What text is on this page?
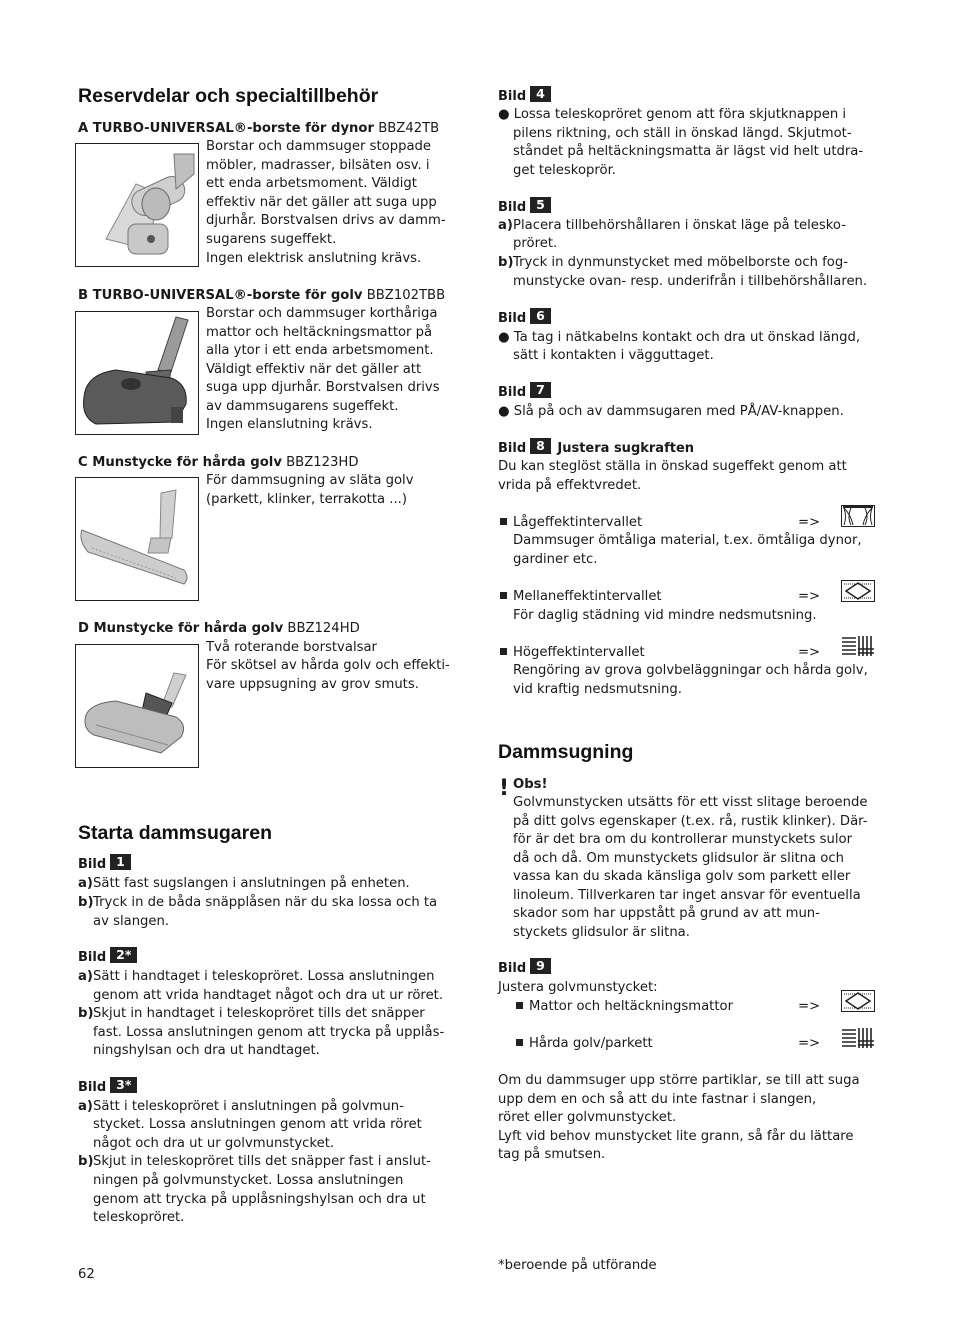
Reservdelar och specialtillbehör
A TURBO-UNIVERSAL®-borste för dynor BBZ42TB
Borstar och dammsuger stoppade
möbler, madrasser, bilsäten osv. i
ett enda arbetsmoment. Väldigt
effektiv när det gäller att suga upp
djurhår. Borstvalsen drivs av damm-
sugarens sugeffekt.
Ingen elektrisk anslutning krävs.
B TURBO-UNIVERSAL®-borste för golv BBZ102TBB
Borstar och dammsuger korthåriga
mattor och heltäckningsmattor på
alla ytor i ett enda arbetsmoment.
Väldigt effektiv när det gäller att
suga upp djurhår. Borstvalsen drivs
av dammsugarens sugeffekt.
Ingen elanslutning krävs.
C Munstycke för hårda golv BBZ123HD
För dammsugning av släta golv
(parkett, klinker, terrakotta ...)
D Munstycke för hårda golv BBZ124HD
Två roterande borstvalsar
För skötsel av hårda golv och effekti-
vare uppsugning av grov smuts.
Starta dammsugaren
Bild 1
a)Sätt fast sugslangen i anslutningen på enheten.
b)Tryck in de båda snäpplåsen när du ska lossa och ta
av slangen.
Bild 2*
a)Sätt i handtaget i teleskopröret. Lossa anslutningen
genom att vrida handtaget något och dra ut ur röret.
b)Skjut in handtaget i teleskopröret tills det snäpper
fast. Lossa anslutningen genom att trycka på upplås-
ningshylsan och dra ut handtaget.
Bild 3*
a)Sätt i teleskopröret i anslutningen på golvmun-
stycket. Lossa anslutningen genom att vrida röret
något och dra ut ur golvmunstycket.
b)Skjut in teleskopröret tills det snäpper fast i anslut-
ningen på golvmunstycket. Lossa anslutningen
genom att trycka på upplåsningshylsan och dra ut
teleskopröret.
62
Bild 4
● Lossa teleskopröret genom att föra skjutknappen i
pilens riktning, och ställ in önskad längd. Skjutmot-
ståndet på heltäckningsmatta är lägst vid helt utdra-
get teleskoprör.
Bild 5
a)Placera tillbehörshållaren i önskat läge på telesko-
pröret.
b)Tryck in dynmunstycket med möbelborste och fog-
munstycke ovan- resp. underifrån i tillbehörshållaren.
Bild 6
● Ta tag i nätkabelns kontakt och dra ut önskad längd,
sätt i kontakten i vägguttaget.
Bild 7
● Slå på och av dammsugaren med PÅ/AV-knappen.
Bild 8 Justera sugkraften
Du kan steglöst ställa in önskad sugeffekt genom att
vrida på effektvredet.
Lågeffektintervallet	=>
Dammsuger ömtåliga material, t.ex. ömtåliga dynor,
gardiner etc.
Mellaneffektintervallet	=>
För daglig städning vid mindre nedsmutsning.
Högeffektintervallet	=>
Rengöring av grova golvbeläggningar och hårda golv,
vid kraftig nedsmutsning.
Dammsugning
! Obs!
Golvmunstycken utsätts för ett visst slitage beroende
på ditt golvs egenskaper (t.ex. rå, rustik klinker). Där-
för är det bra om du kontrollerar munstyckets sulor
då och då. Om munstyckets glidsulor är slitna och
vassa kan du skada känsliga golv som parkett eller
linoleum. Tillverkaren tar inget ansvar för eventuella
skador som har uppstått på grund av att mun-
styckets glidsulor är slitna.
Bild 9
Justera golvmunstycket:
Mattor och heltäckningsmattor	=>
Hårda golv/parkett	=>
Om du dammsuger upp större partiklar, se till att suga
upp dem en och så att du inte fastnar i slangen,
röret eller golvmunstycket.
Lyft vid behov munstycket lite grann, så får du lättare
tag på smutsen.
*beroende på utförande
